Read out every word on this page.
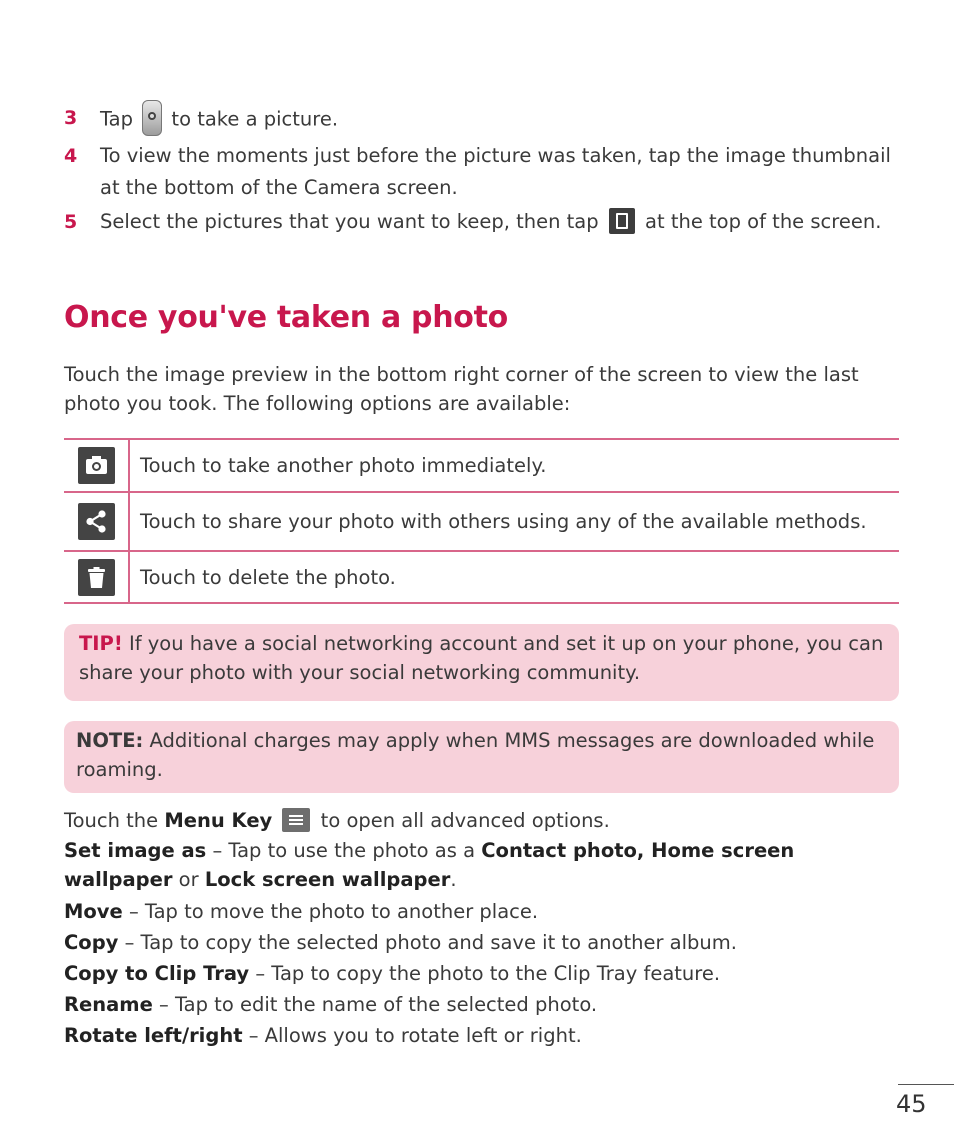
3	Tap to take a picture.
4	To view the moments just before the picture was taken, tap the image thumbnail at the bottom of the Camera screen.
5	Select the pictures that you want to keep, then tap at the top of the screen.
Once you've taken a photo

Touch the image preview in the bottom right corner of the screen to view the last photo you took. The following options are available:

	Touch to take another photo immediately.

	Touch to share your photo with others using any of the available methods.

	Touch to delete the photo.
TIP! If you have a social networking account and set it up on your phone, you can share your photo with your social networking community.
NOTE: Additional charges may apply when MMS messages are downloaded while roaming.

Touch the Menu Key to open all advanced options.

Set image as – Tap to use the photo as a Contact photo, Home screen wallpaper or Lock screen wallpaper.

Move – Tap to move the photo to another place.

Copy – Tap to copy the selected photo and save it to another album.

Copy to Clip Tray – Tap to copy the photo to the Clip Tray feature.

Rename – Tap to edit the name of the selected photo.

Rotate left/right – Allows you to rotate left or right.

45
